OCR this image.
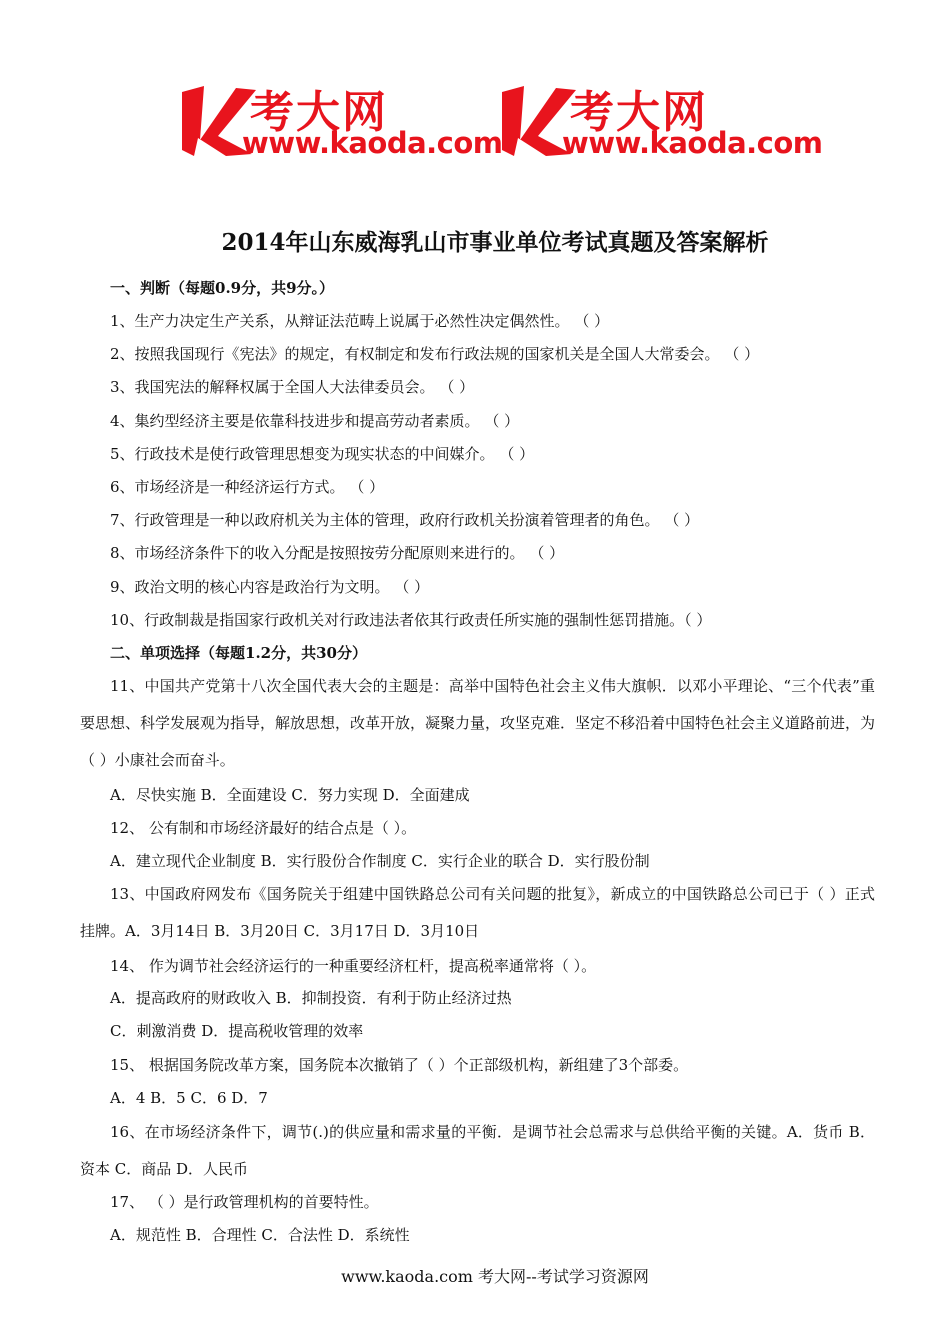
考大网
www.kaoda.com
考大网
www.kaoda.com
2014年山东威海乳山市事业单位考试真题及答案解析
一、判断（每题0.9分，共9分。）
1、生产力决定生产关系，从辩证法范畴上说属于必然性决定偶然性。 （ ）
2、按照我国现行《宪法》的规定，有权制定和发布行政法规的国家机关是全国人大常委会。 （ ）
3、我国宪法的解释权属于全国人大法律委员会。 （ ）
4、集约型经济主要是依靠科技进步和提高劳动者素质。 （ ）
5、行政技术是使行政管理思想变为现实状态的中间媒介。 （ ）
6、市场经济是一种经济运行方式。 （ ）
7、行政管理是一种以政府机关为主体的管理，政府行政机关扮演着管理者的角色。 （ ）
8、市场经济条件下的收入分配是按照按劳分配原则来进行的。 （ ）
9、政治文明的核心内容是政治行为文明。 （ ）
10、行政制裁是指国家行政机关对行政违法者依其行政责任所实施的强制性惩罚措施。（ ）
二、单项选择（每题1.2分，共30分）
11、中国共产党第十八次全国代表大会的主题是：高举中国特色社会主义伟大旗帜．以邓小平理论、“三个代表”重要思想、科学发展观为指导，解放思想，改革开放，凝聚力量，攻坚克难．坚定不移沿着中国特色社会主义道路前进，为（ ）小康社会而奋斗。
A．尽快实施 B．全面建设 C．努力实现 D．全面建成
12、 公有制和市场经济最好的结合点是（ ）。
A．建立现代企业制度 B．实行股份合作制度 C．实行企业的联合 D．实行股份制
13、中国政府网发布《国务院关于组建中国铁路总公司有关问题的批复》，新成立的中国铁路总公司已于（ ）正式挂牌。A．3月14日 B．3月20日 C．3月17日 D．3月10日
14、 作为调节社会经济运行的一种重要经济杠杆，提高税率通常将（ ）。
A．提高政府的财政收入 B．抑制投资．有利于防止经济过热
C．刺激消费 D．提高税收管理的效率
15、 根据国务院改革方案，国务院本次撤销了（ ）个正部级机构，新组建了3个部委。
A．4 B．5 C．6 D．7
16、在市场经济条件下，调节(.)的供应量和需求量的平衡．是调节社会总需求与总供给平衡的关键。A．货币 B．资本 C．商品 D．人民币
17、 （ ）是行政管理机构的首要特性。
A．规范性 B．合理性 C．合法性 D．系统性
www.kaoda.com 考大网--考试学习资源网
